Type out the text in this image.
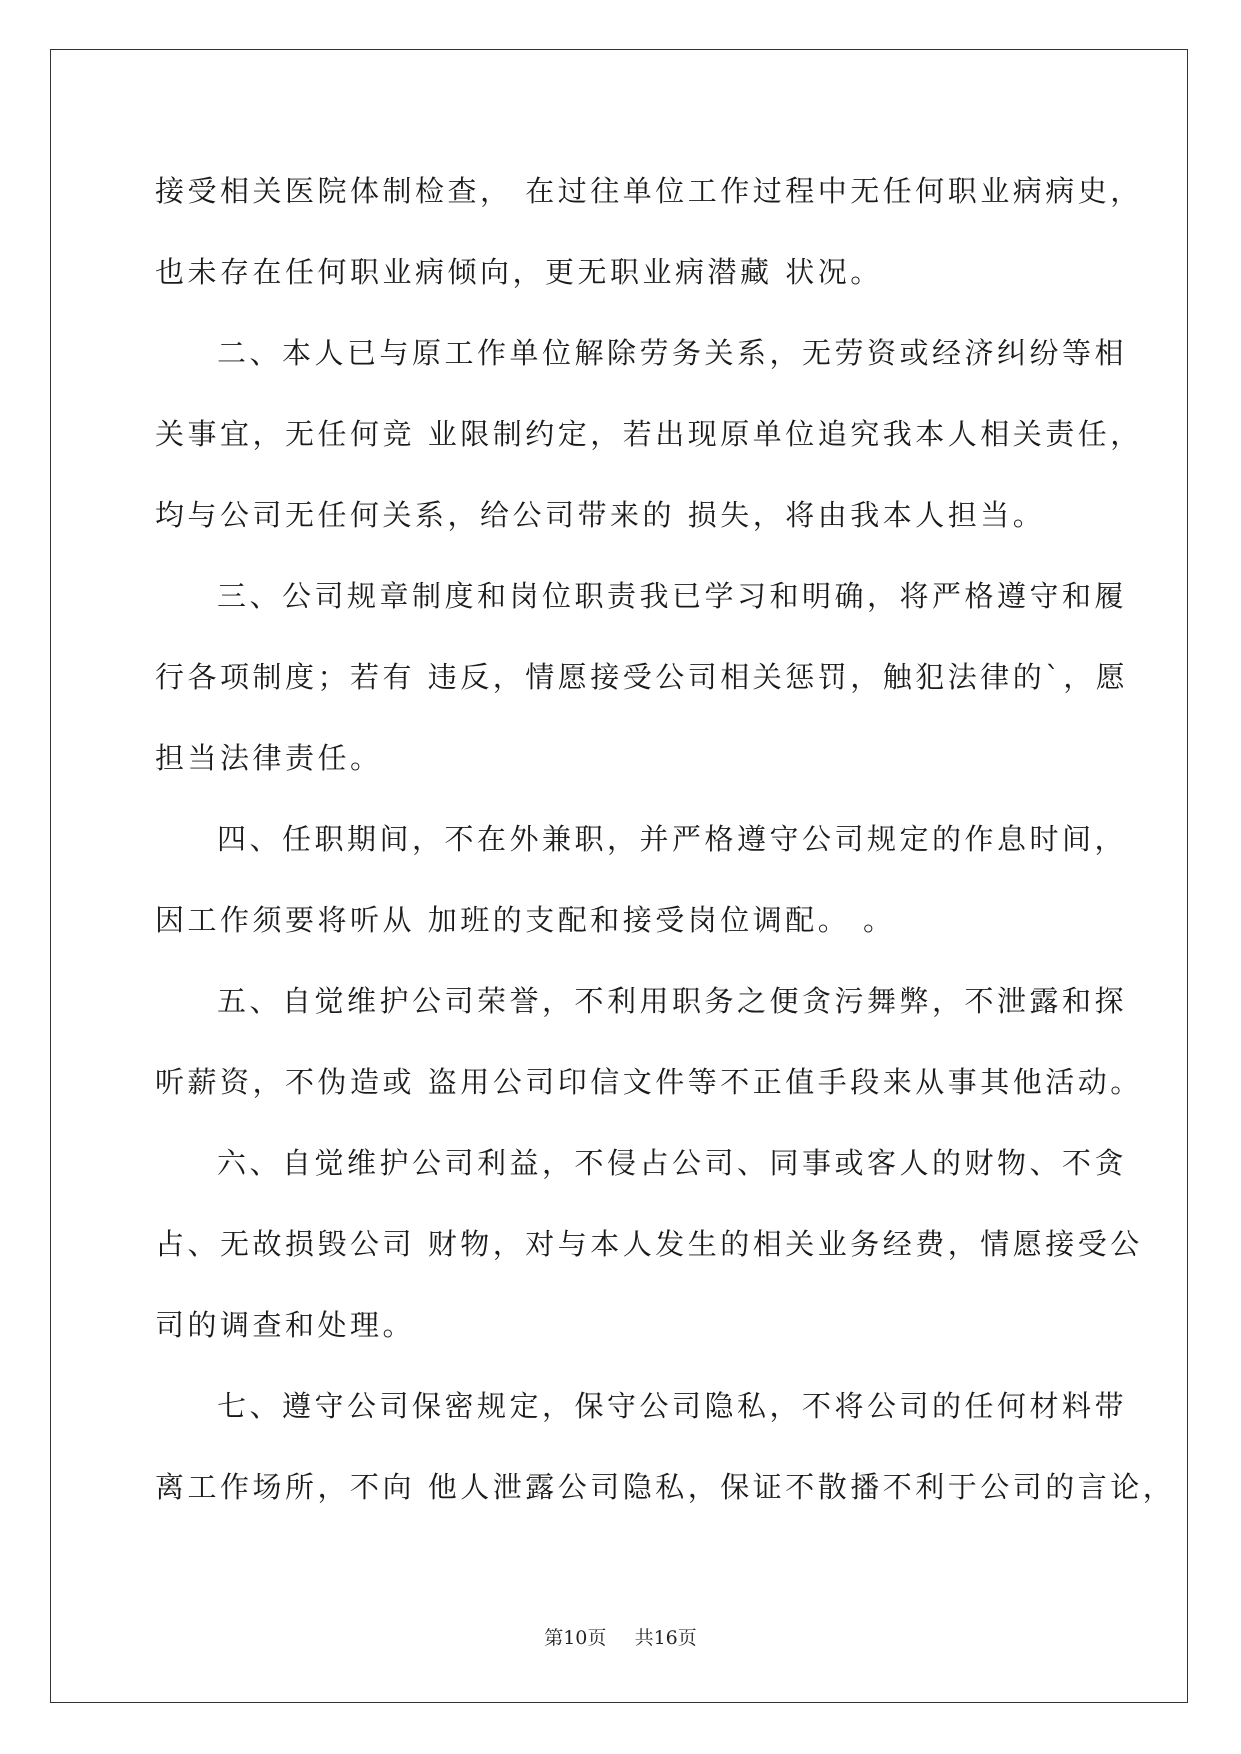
接受相关医院体制检查， 在过往单位工作过程中无任何职业病病史，
也未存在任何职业病倾向，更无职业病潜藏 状况。
二、本人已与原工作单位解除劳务关系，无劳资或经济纠纷等相
关事宜，无任何竞 业限制约定，若出现原单位追究我本人相关责任，
均与公司无任何关系，给公司带来的 损失，将由我本人担当。
三、公司规章制度和岗位职责我已学习和明确，将严格遵守和履
行各项制度；若有 违反，情愿接受公司相关惩罚，触犯法律的`，愿
担当法律责任。
四、任职期间，不在外兼职，并严格遵守公司规定的作息时间，
因工作须要将听从 加班的支配和接受岗位调配。 。
五、自觉维护公司荣誉，不利用职务之便贪污舞弊，不泄露和探
听薪资，不伪造或 盗用公司印信文件等不正值手段来从事其他活动。
六、自觉维护公司利益，不侵占公司、同事或客人的财物、不贪
占、无故损毁公司 财物，对与本人发生的相关业务经费，情愿接受公
司的调查和处理。
七、遵守公司保密规定，保守公司隐私，不将公司的任何材料带
离工作场所，不向 他人泄露公司隐私，保证不散播不利于公司的言论，
第10页 共16页
